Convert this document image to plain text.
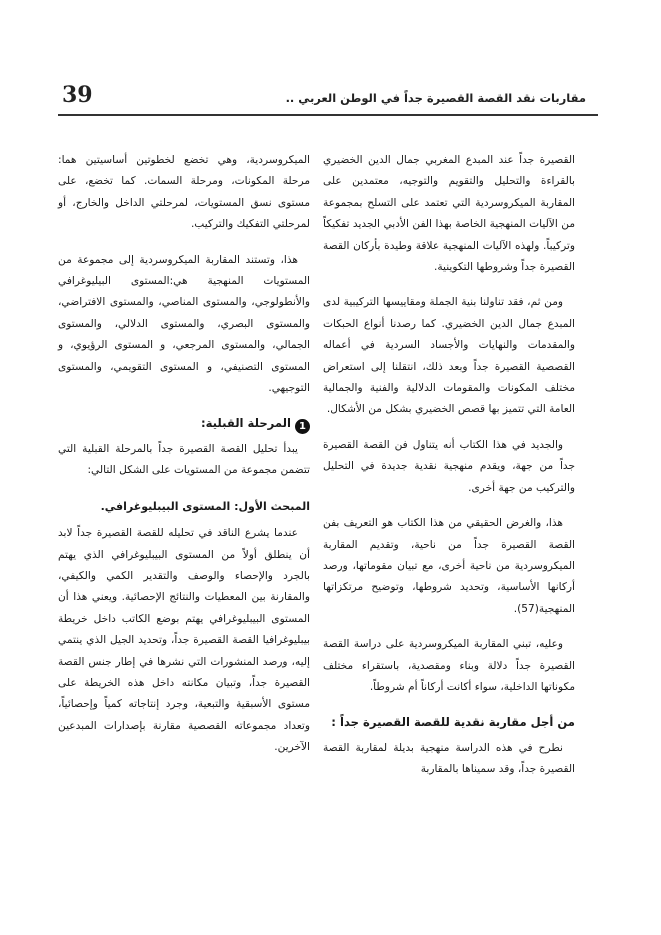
39	مقاربات نقد القصة القصيرة جداً في الوطن العربي ..

القصيرة جداً عند المبدع المغربي جمال الدين الخضيري بالقراءة والتحليل والتقويم والتوجيه، معتمدين على المقاربة الميكروسردية التي تعتمد على التسلح بمجموعة من الآليات المنهجية الخاصة بهذا الفن الأدبي الجديد تفكيكاً وتركيباً. ولهذه الآليات المنهجية علاقة وطيدة بأركان القصة القصيرة جداً وشروطها التكوينية.

ومن ثم، فقد تناولنا بنية الجملة ومقاييسها التركيبية لدى المبدع جمال الدين الخضيري. كما رصدنا أنواع الحبكات والمقدمات والنهايات والأجساد السردية في أعماله القصصية القصيرة جداً وبعد ذلك، انتقلنا إلى استعراض مختلف المكونات والمقومات الدلالية والفنية والجمالية العامة التي تتميز بها قصص الخضيري بشكل من الأشكال.

والجديد في هذا الكتاب أنه يتناول فن القصة القصيرة جداً من جهة، ويقدم منهجية نقدية جديدة في التحليل والتركيب من جهة أخرى.

هذا، والغرض الحقيقي من هذا الكتاب هو التعريف بفن القصة القصيرة جداً من ناحية، وتقديم المقاربة الميكروسردية من ناحية أخرى، مع تبيان مقوماتها، ورصد أركانها الأساسية، وتحديد شروطها، وتوضيح مرتكزاتها المنهجية(57).

وعليه، تبني المقاربة الميكروسردية على دراسة القصة القصيرة جداً دلالة وبناء ومقصدية، باستقراء مختلف مكوناتها الداخلية، سواء أكانت أركاناً أم شروطاً.

من أجل مقاربة نقدية للقصة القصيرة جداً :

نطرح في هذه الدراسة منهجية بديلة لمقاربة القصة القصيرة جداً، وقد سميناها بالمقاربة

الميكروسردية، وهي تخضع لخطوتين أساسيتين هما: مرحلة المكونات، ومرحلة السمات. كما تخضع، على مستوى نسق المستويات، لمرحلتي الداخل والخارج، أو لمرحلتي التفكيك والتركيب.

هذا، وتستند المقاربة الميكروسردية إلى مجموعة من المستويات المنهجية هي:المستوى البيليوغرافي والأنطولوجي، والمستوى المناصي، والمستوى الافتراضي، والمستوى البصري، والمستوى الدلالي، والمستوى الجمالي، والمستوى المرجعي، و المستوى الرؤيوي، و المستوى التصنيفي، و المستوى التقويمي، والمستوى التوجيهي.

1المرحلة القبلية:

يبدأ تحليل القصة القصيرة جداً بالمرحلة القبلية التي تتضمن مجموعة من المستويات على الشكل التالي:

المبحث الأول: المستوى البيبليوغرافي.

عندما يشرع الناقد في تحليله للقصة القصيرة جداً لابد أن ينطلق أولاً من المستوى البيبليوغرافي الذي يهتم بالجرد والإحصاء والوصف والتقدير الكمي والكيفي، والمقارنة بين المعطيات والنتائج الإحصائية. ويعني هذا أن المستوى البيبليوغرافي يهتم بوضع الكاتب داخل خريطة بيبليوغرافيا القصة القصيرة جداً، وتحديد الجيل الذي ينتمي إليه، ورصد المنشورات التي نشرها في إطار جنس القصة القصيرة جداً، وتبيان مكانته داخل هذه الخريطة على مستوى الأسبقية والتبعية، وجرد إنتاجاته كمياً وإحصائياً، وتعداد مجموعاته القصصية مقارنة بإصدارات المبدعين الآخرين.
